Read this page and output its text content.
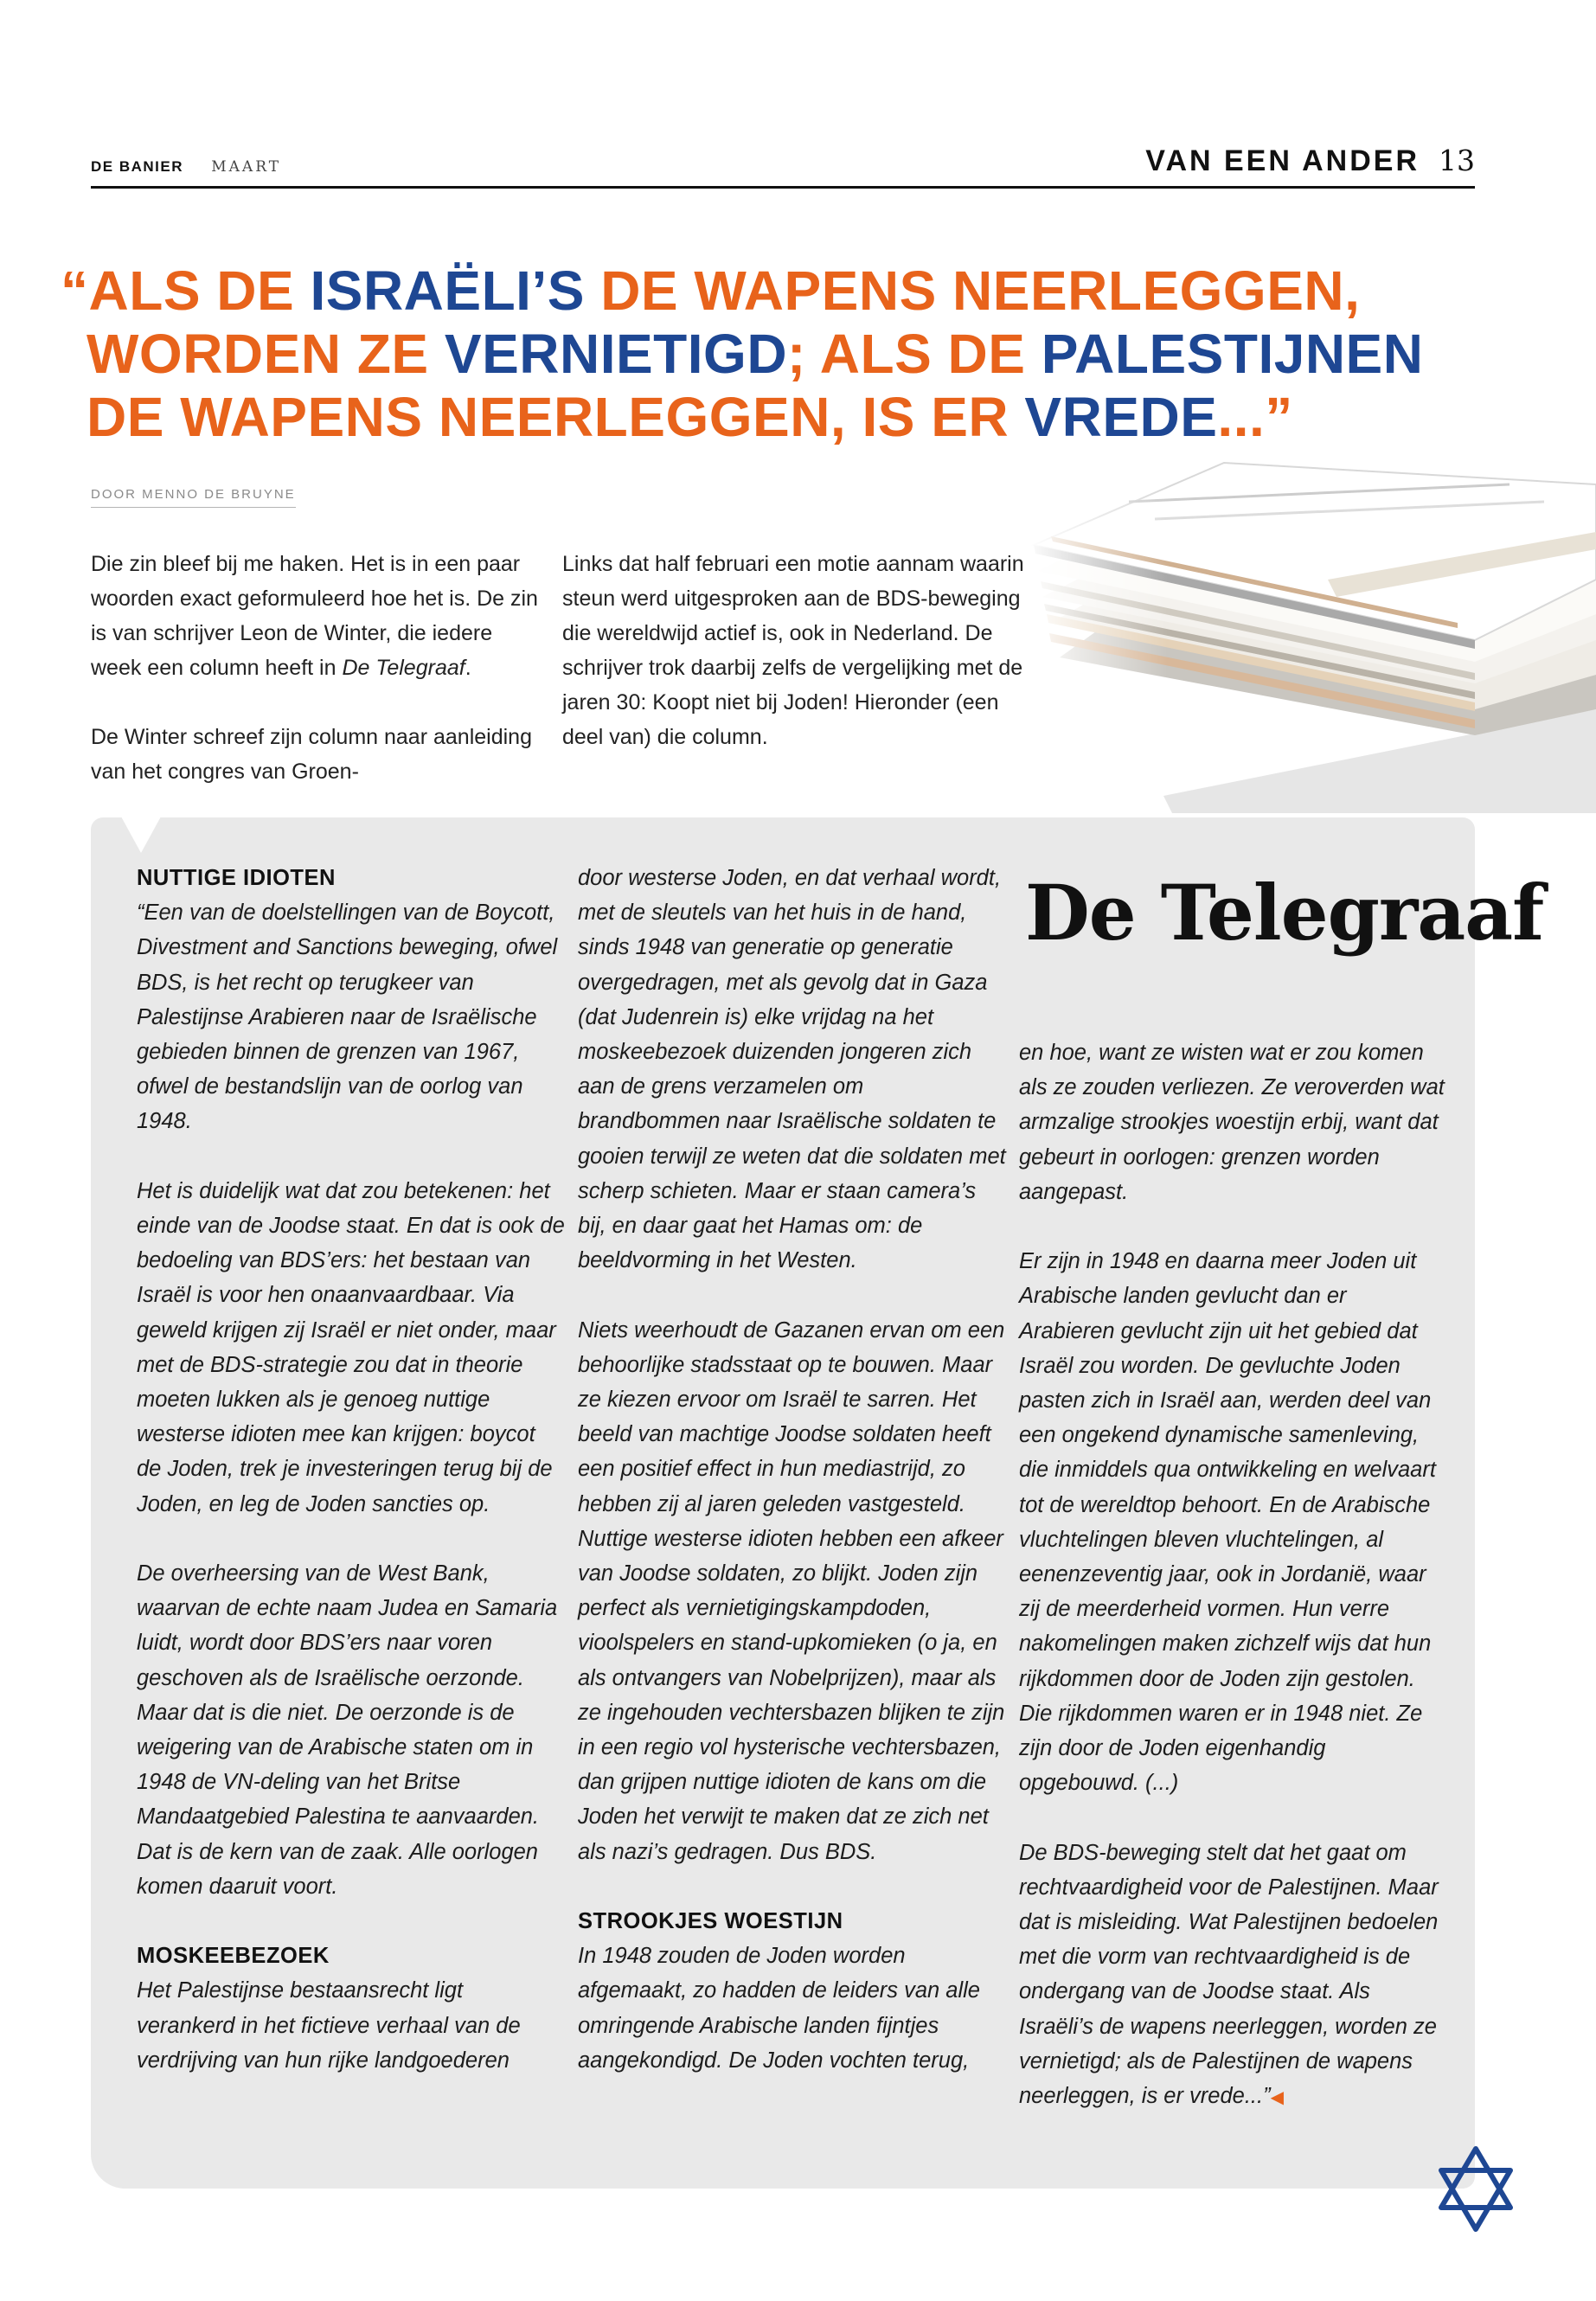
DE BANIER MAART	VAN EEN ANDER 13
“ALS DE ISRAËLI’S DE WAPENS NEERLEGGEN,
WORDEN ZE VERNIETIGD; ALS DE PALESTIJNEN
DE WAPENS NEERLEGGEN, IS ER VREDE...”
DOOR MENNO DE BRUYNE

Die zin bleef bij me haken. Het is in een paar woorden exact geformuleerd hoe het is. De zin is van schrijver Leon de Winter, die iedere week een column heeft in De Telegraaf.

De Winter schreef zijn column naar aanleiding van het congres van Groen-

Links dat half februari een motie aannam waarin steun werd uitgesproken aan de BDS-beweging die wereldwijd actief is, ook in Nederland. De schrijver trok daarbij zelfs de vergelijking met de jaren 30: Koopt niet bij Joden! Hieronder (een deel van) die column.

NUTTIGE IDIOTEN

“Een van de doelstellingen van de Boycott, Divestment and Sanctions beweging, ofwel BDS, is het recht op terugkeer van Palestijnse Arabieren naar de Israëlische gebieden binnen de grenzen van 1967, ofwel de bestandslijn van de oorlog van 1948.

Het is duidelijk wat dat zou betekenen: het einde van de Joodse staat. En dat is ook de bedoeling van BDS’ers: het bestaan van Israël is voor hen onaanvaardbaar. Via geweld krijgen zij Israël er niet onder, maar met de BDS-strategie zou dat in theorie moeten lukken als je genoeg nuttige westerse idioten mee kan krijgen: boycot de Joden, trek je investeringen terug bij de Joden, en leg de Joden sancties op.

De overheersing van de West Bank, waarvan de echte naam Judea en Samaria luidt, wordt door BDS’ers naar voren geschoven als de Israëlische oerzonde. Maar dat is die niet. De oerzonde is de weigering van de Arabische staten om in 1948 de VN-deling van het Britse Mandaatgebied Palestina te aanvaarden. Dat is de kern van de zaak. Alle oorlogen komen daaruit voort.

MOSKEEBEZOEK

Het Palestijnse bestaansrecht ligt verankerd in het fictieve verhaal van de verdrijving van hun rijke landgoederen

door westerse Joden, en dat verhaal wordt, met de sleutels van het huis in de hand, sinds 1948 van generatie op generatie overgedragen, met als gevolg dat in Gaza (dat Judenrein is) elke vrijdag na het moskeebezoek duizenden jongeren zich aan de grens verzamelen om brandbommen naar Israëlische soldaten te gooien terwijl ze weten dat die soldaten met scherp schieten. Maar er staan camera’s bij, en daar gaat het Hamas om: de beeldvorming in het Westen.

Niets weerhoudt de Gazanen ervan om een behoorlijke stadsstaat op te bouwen. Maar ze kiezen ervoor om Israël te sarren. Het beeld van machtige Joodse soldaten heeft een positief effect in hun mediastrijd, zo hebben zij al jaren geleden vastgesteld. Nuttige westerse idioten hebben een afkeer van Joodse soldaten, zo blijkt. Joden zijn perfect als vernietigingskampdoden, vioolspelers en stand-upkomieken (o ja, en als ontvangers van Nobelprijzen), maar als ze ingehouden vechtersbazen blijken te zijn in een regio vol hysterische vechtersbazen, dan grijpen nuttige idioten de kans om die Joden het verwijt te maken dat ze zich net als nazi’s gedragen. Dus BDS.

STROOKJES WOESTIJN

In 1948 zouden de Joden worden afgemaakt, zo hadden de leiders van alle omringende Arabische landen fijntjes aangekondigd. De Joden vochten terug,

De Telegraaf

en hoe, want ze wisten wat er zou komen als ze zouden verliezen. Ze veroverden wat armzalige strookjes woestijn erbij, want dat gebeurt in oorlogen: grenzen worden aangepast.

Er zijn in 1948 en daarna meer Joden uit Arabische landen gevlucht dan er Arabieren gevlucht zijn uit het gebied dat Israël zou worden. De gevluchte Joden pasten zich in Israël aan, werden deel van een ongekend dynamische samenleving, die inmiddels qua ontwikkeling en welvaart tot de wereldtop behoort. En de Arabische vluchtelingen bleven vluchtelingen, al eenenzeventig jaar, ook in Jordanië, waar zij de meerderheid vormen. Hun verre nakomelingen maken zichzelf wijs dat hun rijkdommen door de Joden zijn gestolen. Die rijkdommen waren er in 1948 niet. Ze zijn door de Joden eigenhandig opgebouwd. (...)

De BDS-beweging stelt dat het gaat om rechtvaardigheid voor de Palestijnen. Maar dat is misleiding. Wat Palestijnen bedoelen met die vorm van rechtvaardigheid is de ondergang van de Joodse staat. Als Israëli’s de wapens neerleggen, worden ze vernietigd; als de Palestijnen de wapens neerleggen, is er vrede...”◀
